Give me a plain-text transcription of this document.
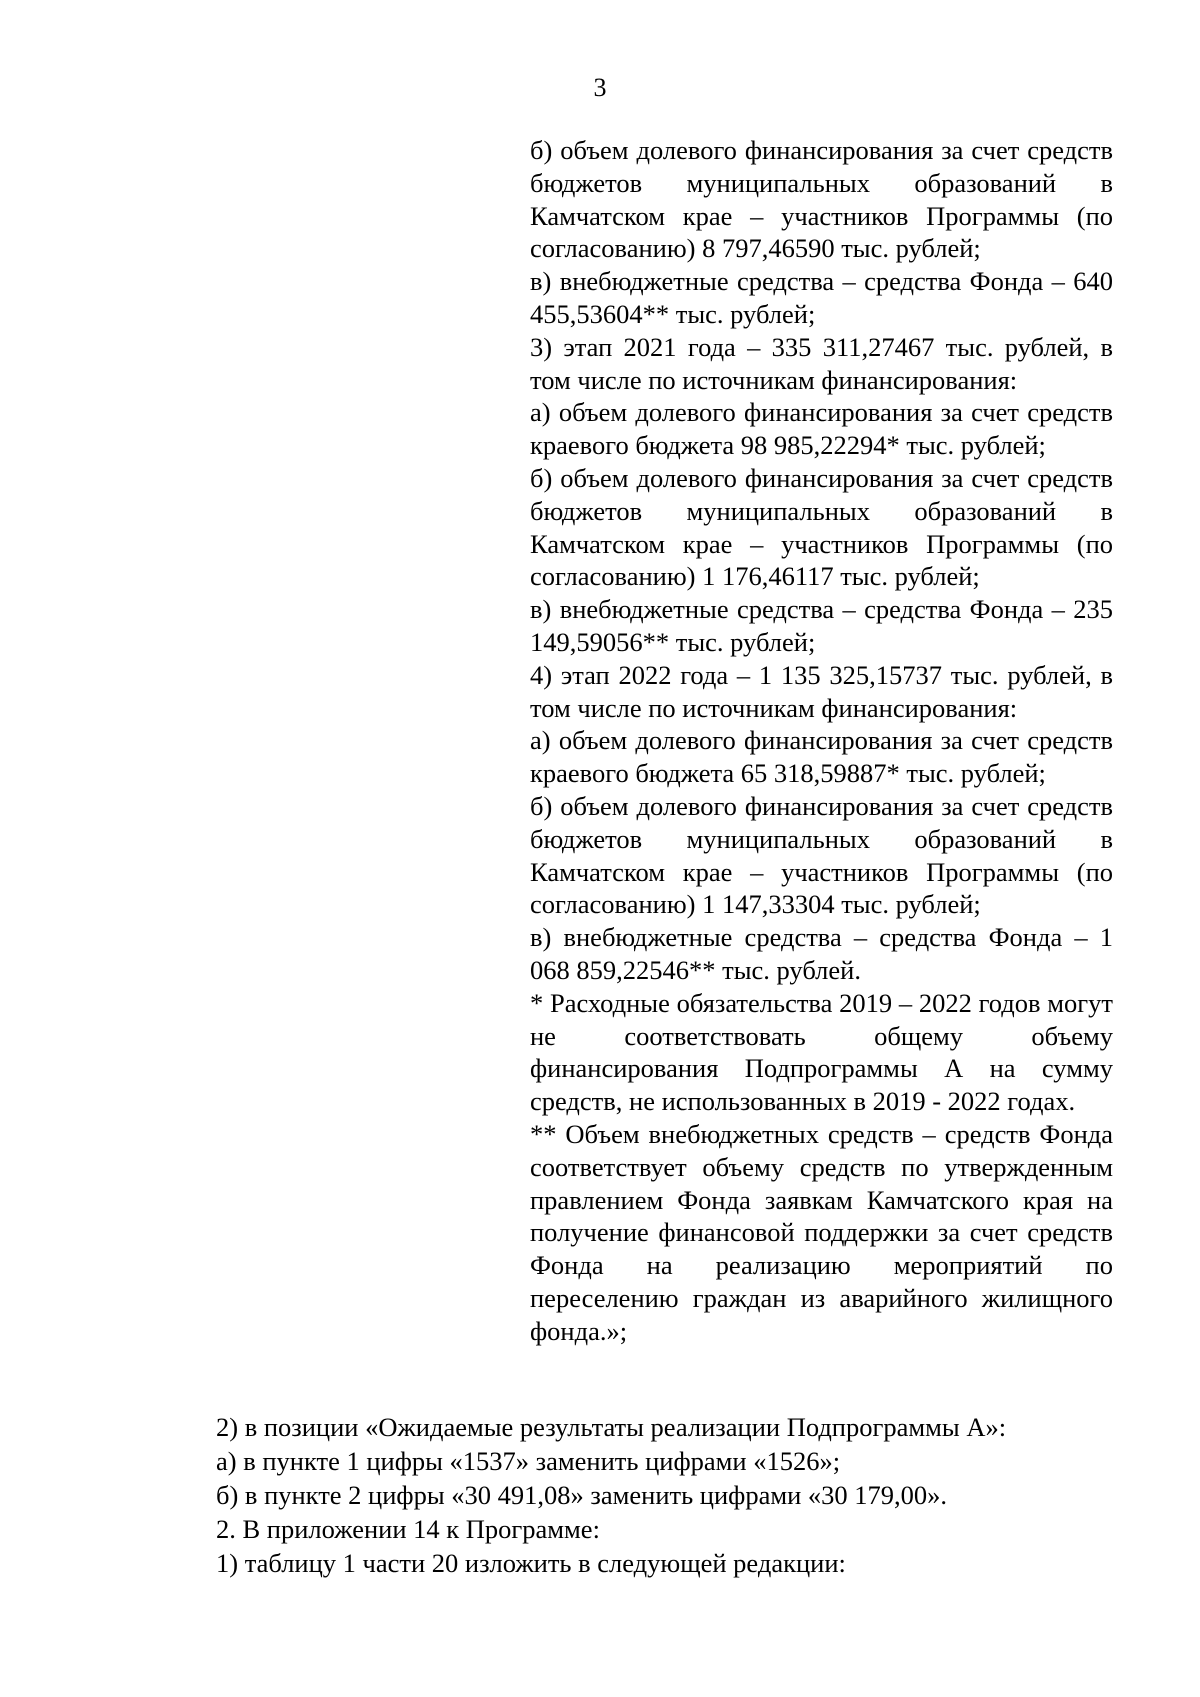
3

б) объем долевого финансирования за счет средств бюджетов муниципальных образований в Камчатском крае – участников Программы (по согласованию) 8 797,46590 тыс. рублей;

в) внебюджетные средства – средства Фонда – 640 455,53604** тыс. рублей;

3) этап 2021 года – 335 311,27467 тыс. рублей, в том числе по источникам финансирования:

а) объем долевого финансирования за счет средств краевого бюджета 98 985,22294* тыс. рублей;

б) объем долевого финансирования за счет средств бюджетов муниципальных образований в Камчатском крае – участников Программы (по согласованию) 1 176,46117 тыс. рублей;

в) внебюджетные средства – средства Фонда – 235 149,59056** тыс. рублей;

4) этап 2022 года – 1 135 325,15737 тыс. рублей, в том числе по источникам финансирования:

а) объем долевого финансирования за счет средств краевого бюджета 65 318,59887* тыс. рублей;

б) объем долевого финансирования за счет средств бюджетов муниципальных образований в Камчатском крае – участников Программы (по согласованию) 1 147,33304 тыс. рублей;

в) внебюджетные средства – средства Фонда – 1 068 859,22546** тыс. рублей.

* Расходные обязательства 2019 – 2022 годов могут не соответствовать общему объему финансирования Подпрограммы А на сумму средств, не использованных в 2019 - 2022 годах.

** Объем внебюджетных средств – средств Фонда соответствует объему средств по утвержденным правлением Фонда заявкам Камчатского края на получение финансовой поддержки за счет средств Фонда на реализацию мероприятий по переселению граждан из аварийного жилищного фонда.»;

2) в позиции «Ожидаемые результаты реализации Подпрограммы А»:

а) в пункте 1 цифры «1537» заменить цифрами «1526»;

б) в пункте 2 цифры «30 491,08» заменить цифрами «30 179,00».

2. В приложении 14 к Программе:

1) таблицу 1 части 20 изложить в следующей редакции:
